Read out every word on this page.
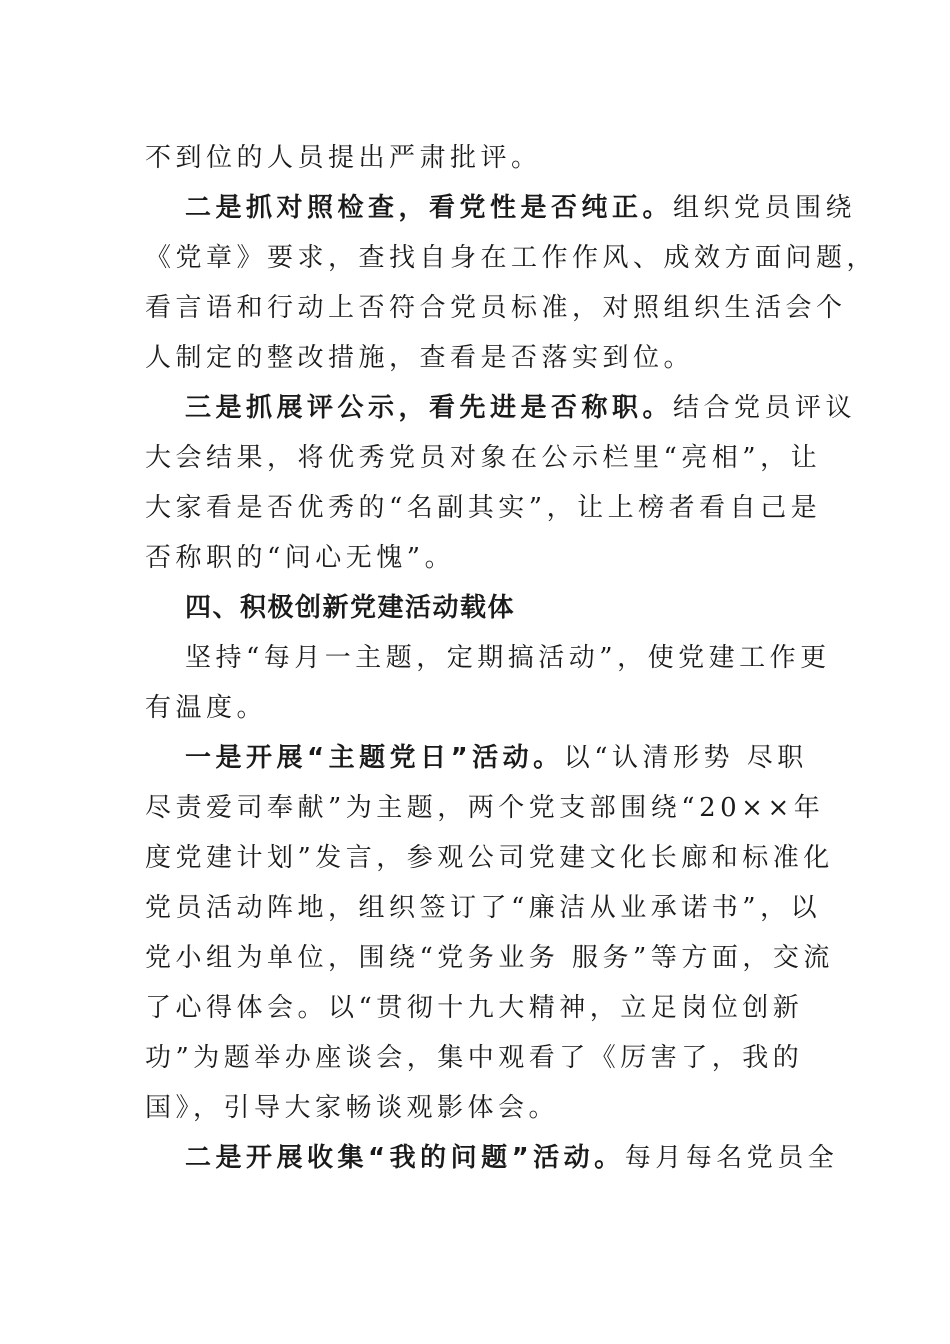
不到位的人员提出严肃批评。
二是抓对照检查，看党性是否纯正。组织党员围绕
《党章》要求，查找自身在工作作风、成效方面问题，
看言语和行动上否符合党员标准，对照组织生活会个
人制定的整改措施，查看是否落实到位。
三是抓展评公示，看先进是否称职。结合党员评议
大会结果，将优秀党员对象在公示栏里“亮相”，让
大家看是否优秀的“名副其实”，让上榜者看自己是
否称职的“问心无愧”。
四、积极创新党建活动载体
坚持“每月一主题，定期搞活动”，使党建工作更
有温度。
一是开展“主题党日”活动。以“认清形势 尽职
尽责爱司奉献”为主题，两个党支部围绕“20××年
度党建计划”发言，参观公司党建文化长廊和标准化
党员活动阵地，组织签订了“廉洁从业承诺书”，以
党小组为单位，围绕“党务业务 服务”等方面，交流
了心得体会。以“贯彻十九大精神，立足岗位创新
功”为题举办座谈会，集中观看了《厉害了，我的
国》，引导大家畅谈观影体会。
二是开展收集“我的问题”活动。每月每名党员全
